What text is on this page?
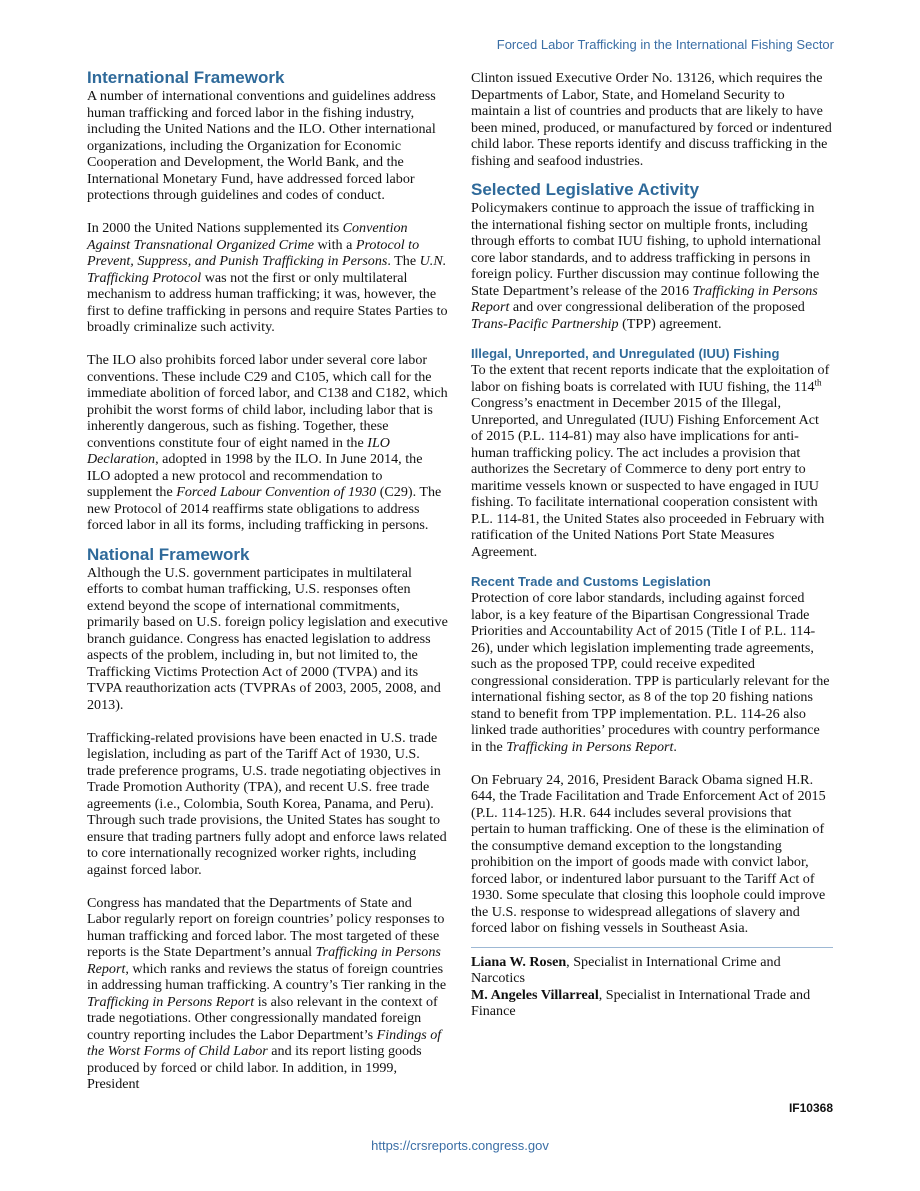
Forced Labor Trafficking in the International Fishing Sector
International Framework

A number of international conventions and guidelines address human trafficking and forced labor in the fishing industry, including the United Nations and the ILO. Other international organizations, including the Organization for Economic Cooperation and Development, the World Bank, and the International Monetary Fund, have addressed forced labor protections through guidelines and codes of conduct.

In 2000 the United Nations supplemented its Convention Against Transnational Organized Crime with a Protocol to Prevent, Suppress, and Punish Trafficking in Persons. The U.N. Trafficking Protocol was not the first or only multilateral mechanism to address human trafficking; it was, however, the first to define trafficking in persons and require States Parties to broadly criminalize such activity.

The ILO also prohibits forced labor under several core labor conventions. These include C29 and C105, which call for the immediate abolition of forced labor, and C138 and C182, which prohibit the worst forms of child labor, including labor that is inherently dangerous, such as fishing. Together, these conventions constitute four of eight named in the ILO Declaration, adopted in 1998 by the ILO. In June 2014, the ILO adopted a new protocol and recommendation to supplement the Forced Labour Convention of 1930 (C29). The new Protocol of 2014 reaffirms state obligations to address forced labor in all its forms, including trafficking in persons.

National Framework

Although the U.S. government participates in multilateral efforts to combat human trafficking, U.S. responses often extend beyond the scope of international commitments, primarily based on U.S. foreign policy legislation and executive branch guidance. Congress has enacted legislation to address aspects of the problem, including in, but not limited to, the Trafficking Victims Protection Act of 2000 (TVPA) and its TVPA reauthorization acts (TVPRAs of 2003, 2005, 2008, and 2013).

Trafficking-related provisions have been enacted in U.S. trade legislation, including as part of the Tariff Act of 1930, U.S. trade preference programs, U.S. trade negotiating objectives in Trade Promotion Authority (TPA), and recent U.S. free trade agreements (i.e., Colombia, South Korea, Panama, and Peru). Through such trade provisions, the United States has sought to ensure that trading partners fully adopt and enforce laws related to core internationally recognized worker rights, including against forced labor.

Congress has mandated that the Departments of State and Labor regularly report on foreign countries’ policy responses to human trafficking and forced labor. The most targeted of these reports is the State Department’s annual Trafficking in Persons Report, which ranks and reviews the status of foreign countries in addressing human trafficking. A country’s Tier ranking in the Trafficking in Persons Report is also relevant in the context of trade negotiations. Other congressionally mandated foreign country reporting includes the Labor Department’s Findings of the Worst Forms of Child Labor and its report listing goods produced by forced or child labor. In addition, in 1999, President

Clinton issued Executive Order No. 13126, which requires the Departments of Labor, State, and Homeland Security to maintain a list of countries and products that are likely to have been mined, produced, or manufactured by forced or indentured child labor. These reports identify and discuss trafficking in the fishing and seafood industries.

Selected Legislative Activity

Policymakers continue to approach the issue of trafficking in the international fishing sector on multiple fronts, including through efforts to combat IUU fishing, to uphold international core labor standards, and to address trafficking in persons in foreign policy. Further discussion may continue following the State Department’s release of the 2016 Trafficking in Persons Report and over congressional deliberation of the proposed Trans-Pacific Partnership (TPP) agreement.

Illegal, Unreported, and Unregulated (IUU) Fishing

To the extent that recent reports indicate that the exploitation of labor on fishing boats is correlated with IUU fishing, the 114th Congress’s enactment in December 2015 of the Illegal, Unreported, and Unregulated (IUU) Fishing Enforcement Act of 2015 (P.L. 114-81) may also have implications for anti-human trafficking policy. The act includes a provision that authorizes the Secretary of Commerce to deny port entry to maritime vessels known or suspected to have engaged in IUU fishing. To facilitate international cooperation consistent with P.L. 114-81, the United States also proceeded in February with ratification of the United Nations Port State Measures Agreement.

Recent Trade and Customs Legislation

Protection of core labor standards, including against forced labor, is a key feature of the Bipartisan Congressional Trade Priorities and Accountability Act of 2015 (Title I of P.L. 114-26), under which legislation implementing trade agreements, such as the proposed TPP, could receive expedited congressional consideration. TPP is particularly relevant for the international fishing sector, as 8 of the top 20 fishing nations stand to benefit from TPP implementation. P.L. 114-26 also linked trade authorities’ procedures with country performance in the Trafficking in Persons Report.

On February 24, 2016, President Barack Obama signed H.R. 644, the Trade Facilitation and Trade Enforcement Act of 2015 (P.L. 114-125). H.R. 644 includes several provisions that pertain to human trafficking. One of these is the elimination of the consumptive demand exception to the longstanding prohibition on the import of goods made with convict labor, forced labor, or indentured labor pursuant to the Tariff Act of 1930. Some speculate that closing this loophole could improve the U.S. response to widespread allegations of slavery and forced labor on fishing vessels in Southeast Asia.

Liana W. Rosen, Specialist in International Crime and Narcotics

M. Angeles Villarreal, Specialist in International Trade and Finance

IF10368
https://crsreports.congress.gov
